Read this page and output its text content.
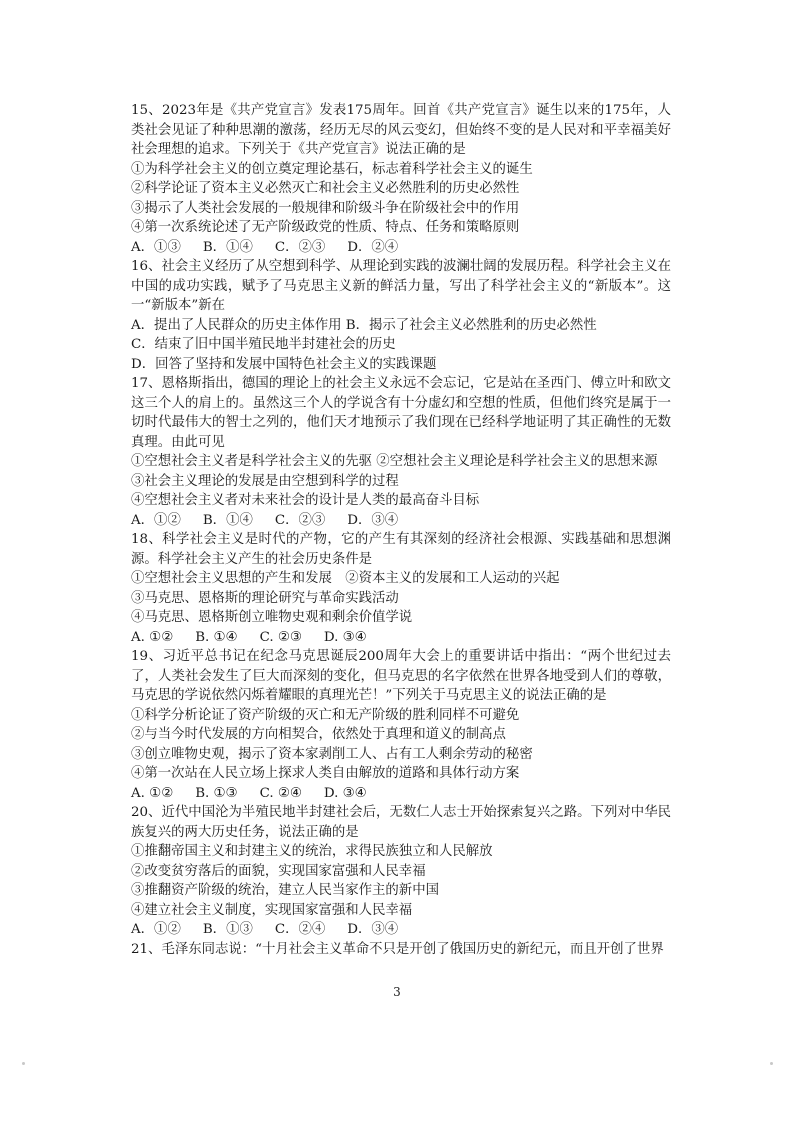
15、2023年是《共产党宣言》发表175周年。回首《共产党宣言》诞生以来的175年，人类社会见证了种种思潮的激荡，经历无尽的风云变幻，但始终不变的是人民对和平幸福美好社会理想的追求。下列关于《共产党宣言》说法正确的是

①为科学社会主义的创立奠定理论基石，标志着科学社会主义的诞生

②科学论证了资本主义必然灭亡和社会主义必然胜利的历史必然性

③揭示了人类社会发展的一般规律和阶级斗争在阶级社会中的作用

④第一次系统论述了无产阶级政党的性质、特点、任务和策略原则

A．①③ B．①④ C．②③ D．②④

16、社会主义经历了从空想到科学、从理论到实践的波澜壮阔的发展历程。科学社会主义在中国的成功实践，赋予了马克思主义新的鲜活力量，写出了科学社会主义的“新版本”。这一“新版本”新在

A．提出了人民群众的历史主体作用 B．揭示了社会主义必然胜利的历史必然性

C．结束了旧中国半殖民地半封建社会的历史

D．回答了坚持和发展中国特色社会主义的实践课题

17、恩格斯指出，德国的理论上的社会主义永远不会忘记，它是站在圣西门、傅立叶和欧文这三个人的肩上的。虽然这三个人的学说含有十分虚幻和空想的性质，但他们终究是属于一切时代最伟大的智士之列的，他们天才地预示了我们现在已经科学地证明了其正确性的无数真理。由此可见

①空想社会主义者是科学社会主义的先驱 ②空想社会主义理论是科学社会主义的思想来源

③社会主义理论的发展是由空想到科学的过程

④空想社会主义者对未来社会的设计是人类的最高奋斗目标

A．①② B．①④ C．②③ D．③④

18、科学社会主义是时代的产物，它的产生有其深刻的经济社会根源、实践基础和思想渊源。科学社会主义产生的社会历史条件是

①空想社会主义思想的产生和发展　②资本主义的发展和工人运动的兴起

③马克思、恩格斯的理论研究与革命实践活动

④马克思、恩格斯创立唯物史观和剩余价值学说

A. ①② B. ①④ C. ②③ D. ③④

19、习近平总书记在纪念马克思诞辰200周年大会上的重要讲话中指出：“两个世纪过去了，人类社会发生了巨大而深刻的变化，但马克思的名字依然在世界各地受到人们的尊敬，马克思的学说依然闪烁着耀眼的真理光芒！”下列关于马克思主义的说法正确的是

①科学分析论证了资产阶级的灭亡和无产阶级的胜利同样不可避免

②与当今时代发展的方向相契合，依然处于真理和道义的制高点

③创立唯物史观，揭示了资本家剥削工人、占有工人剩余劳动的秘密

④第一次站在人民立场上探求人类自由解放的道路和具体行动方案

A. ①② B. ①③ C. ②④ D. ③④

20、近代中国沦为半殖民地半封建社会后，无数仁人志士开始探索复兴之路。下列对中华民族复兴的两大历史任务，说法正确的是

①推翻帝国主义和封建主义的统治，求得民族独立和人民解放

②改变贫穷落后的面貌，实现国家富强和人民幸福

③推翻资产阶级的统治，建立人民当家作主的新中国

④建立社会主义制度，实现国家富强和人民幸福

A．①② B．①③ C．②④ D．③④

21、毛泽东同志说：“十月社会主义革命不只是开创了俄国历史的新纪元，而且开创了世界

3
